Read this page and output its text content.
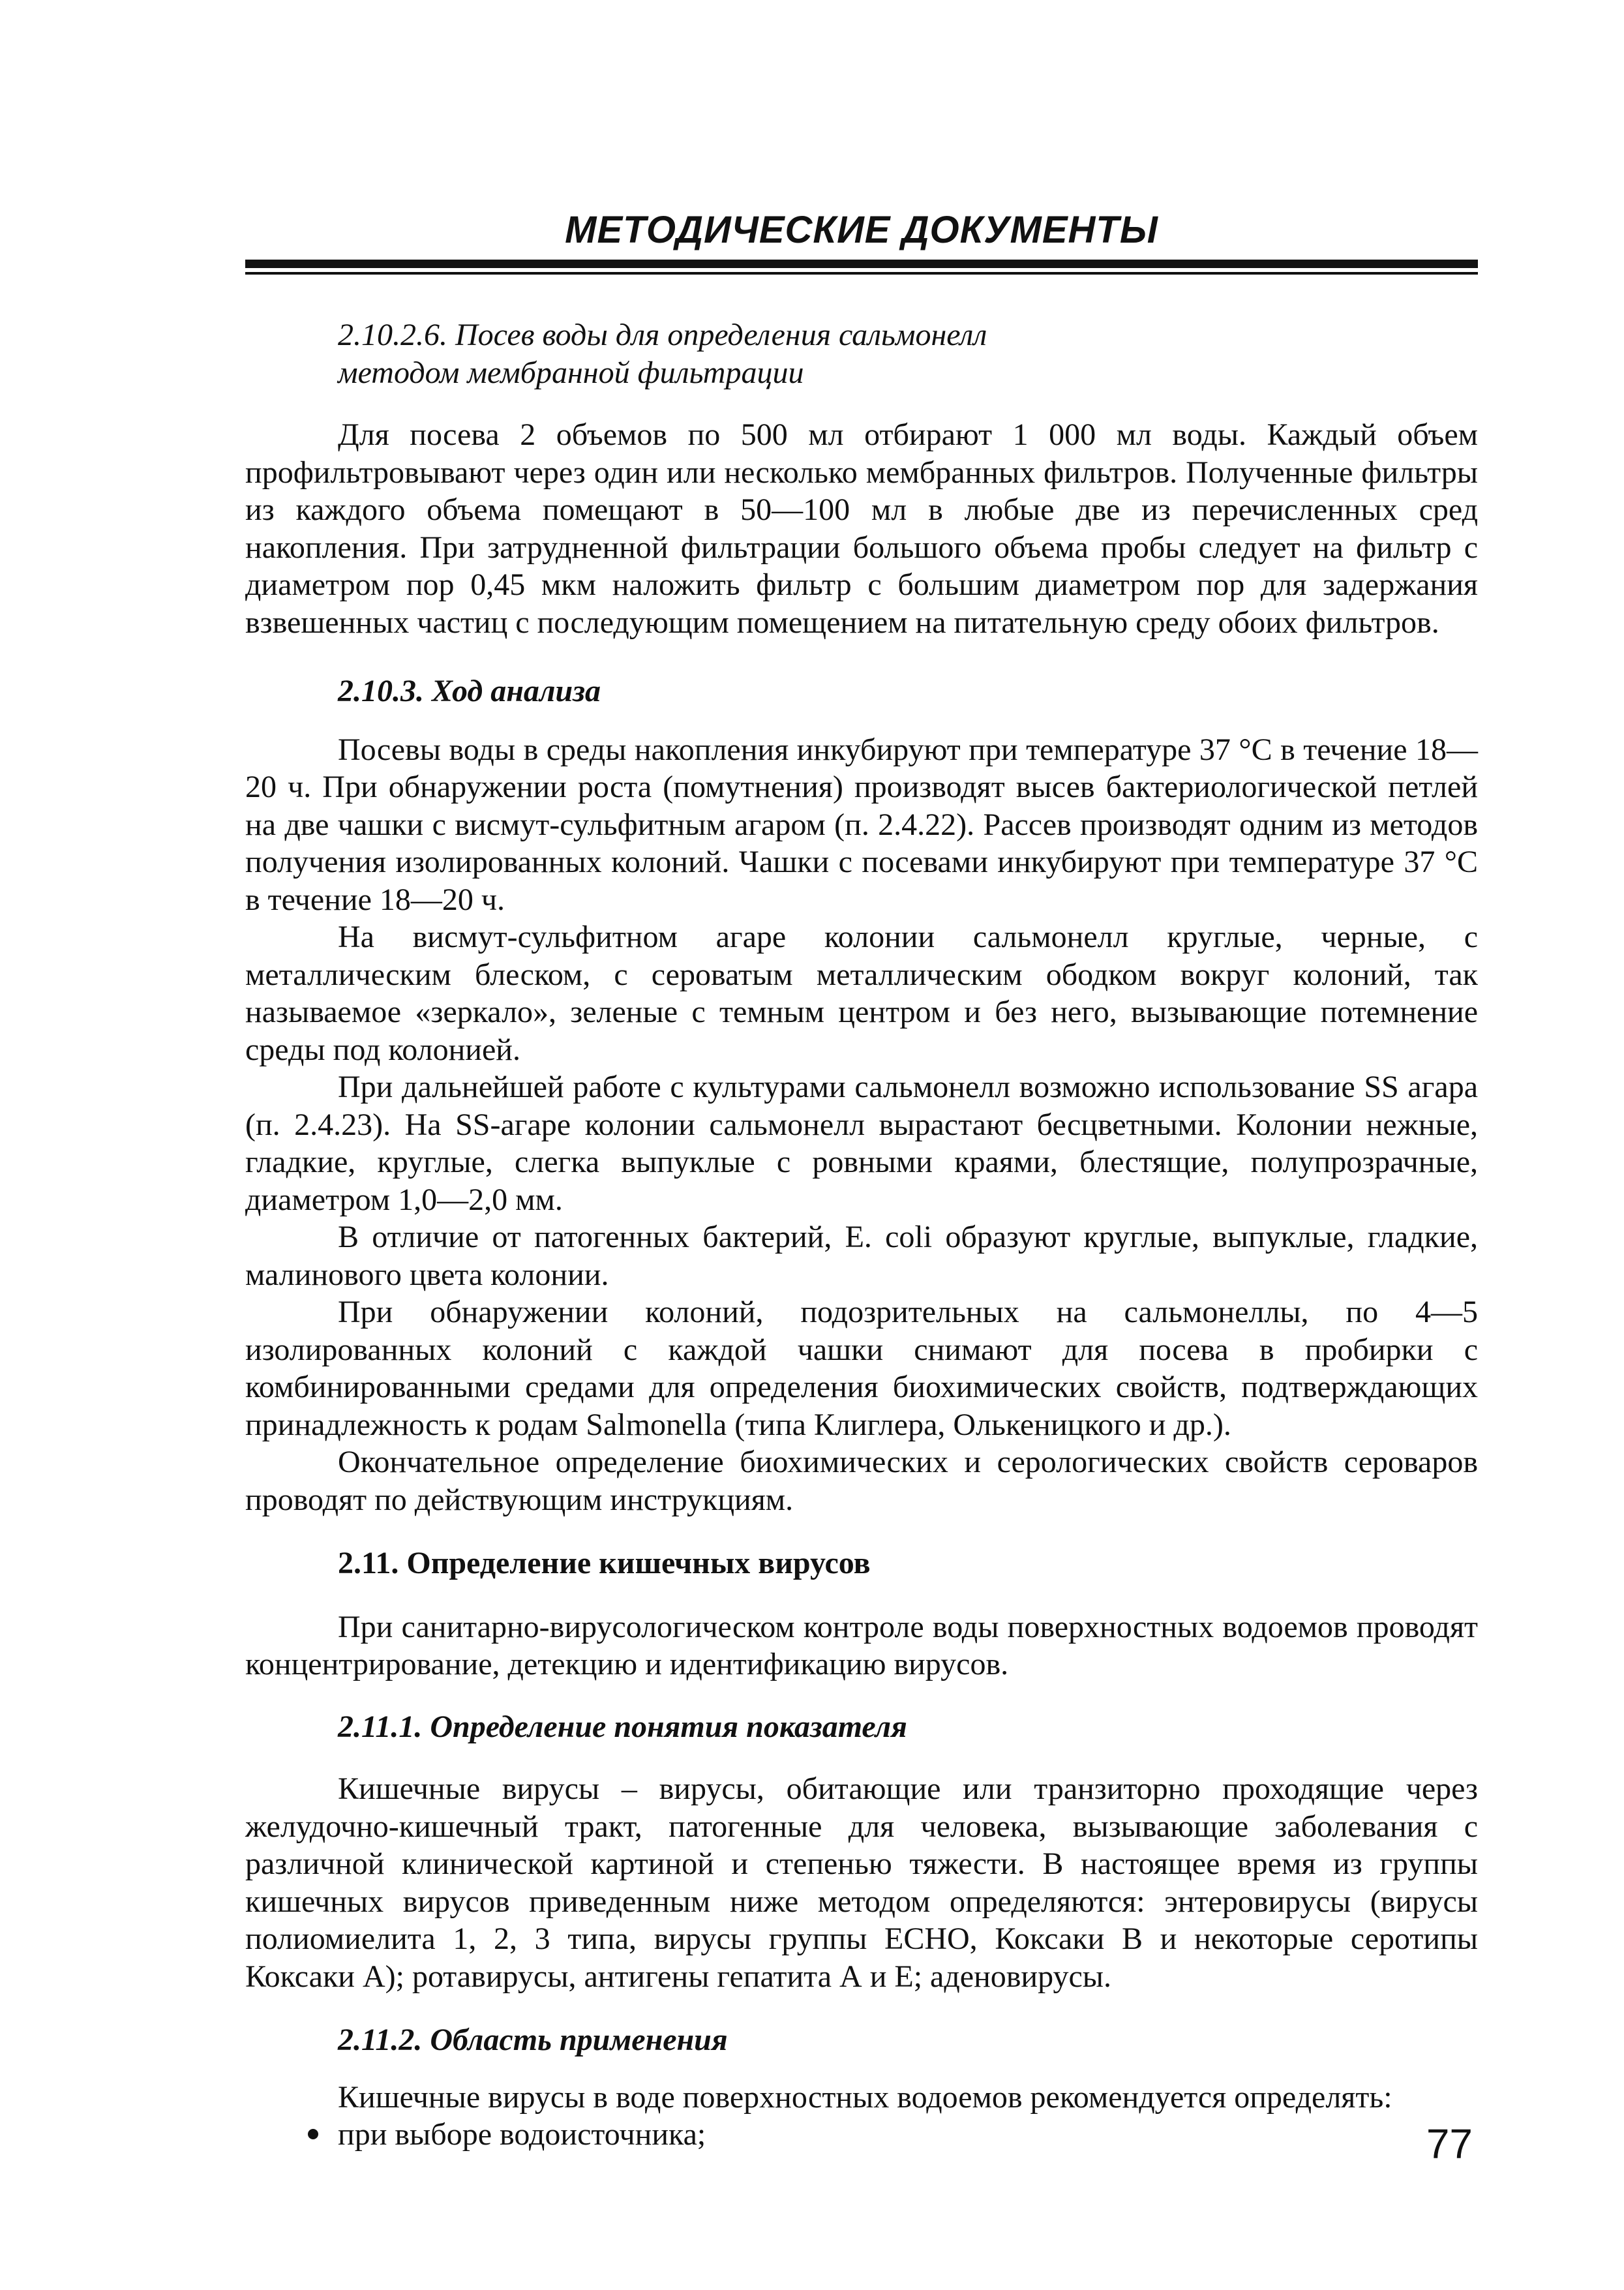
МЕТОДИЧЕСКИЕ ДОКУМЕНТЫ

2.10.2.6. Посев воды для определения сальмонелл

методом мембранной фильтрации

Для посева 2 объемов по 500 мл отбирают 1 000 мл воды. Каждый объем профильтровывают через один или несколько мембранных фильтров. Полученные фильтры из каждого объема помещают в 50—100 мл в любые две из перечисленных сред накопления. При затрудненной фильтрации большого объема пробы следует на фильтр с диаметром пор 0,45 мкм наложить фильтр с большим диаметром пор для задержания взвешенных частиц с последующим помещением на питательную среду обоих фильтров.

2.10.3. Ход анализа

Посевы воды в среды накопления инкубируют при температуре 37 °С в течение 18—20 ч. При обнаружении роста (помутнения) производят высев бактериологической петлей на две чашки с висмут-сульфитным агаром (п. 2.4.22). Рассев производят одним из методов получения изолированных колоний. Чашки с посевами инкубируют при температуре 37 °С в течение 18—20 ч.

На висмут-сульфитном агаре колонии сальмонелл круглые, черные, с металлическим блеском, с сероватым металлическим ободком вокруг колоний, так называемое «зеркало», зеленые с темным центром и без него, вызывающие потемнение среды под колонией.

При дальнейшей работе с культурами сальмонелл возможно использование SS агара (п. 2.4.23). На SS-агаре колонии сальмонелл вырастают бесцветными. Колонии нежные, гладкие, круглые, слегка выпуклые с ровными краями, блестящие, полупрозрачные, диаметром 1,0—2,0 мм.

В отличие от патогенных бактерий, E. coli образуют круглые, выпуклые, гладкие, малинового цвета колонии.

При обнаружении колоний, подозрительных на сальмонеллы, по 4—5 изолированных колоний с каждой чашки снимают для посева в пробирки с комбинированными средами для определения биохимических свойств, подтверждающих принадлежность к родам Salmonella (типа Клиглера, Олькеницкого и др.).

Окончательное определение биохимических и серологических свойств сероваров проводят по действующим инструкциям.

2.11. Определение кишечных вирусов

При санитарно-вирусологическом контроле воды поверхностных водоемов проводят концентрирование, детекцию и идентификацию вирусов.

2.11.1. Определение понятия показателя

Кишечные вирусы – вирусы, обитающие или транзиторно проходящие через желудочно-кишечный тракт, патогенные для человека, вызывающие заболевания с различной клинической картиной и степенью тяжести. В настоящее время из группы кишечных вирусов приведенным ниже методом определяются: энтеровирусы (вирусы полиомиелита 1, 2, 3 типа, вирусы группы ЕСНО, Коксаки В и некоторые серотипы Коксаки А); ротавирусы, антигены гепатита А и Е; аденовирусы.

2.11.2. Область применения

Кишечные вирусы в воде поверхностных водоемов рекомендуется определять:

при выборе водоисточника;	77
